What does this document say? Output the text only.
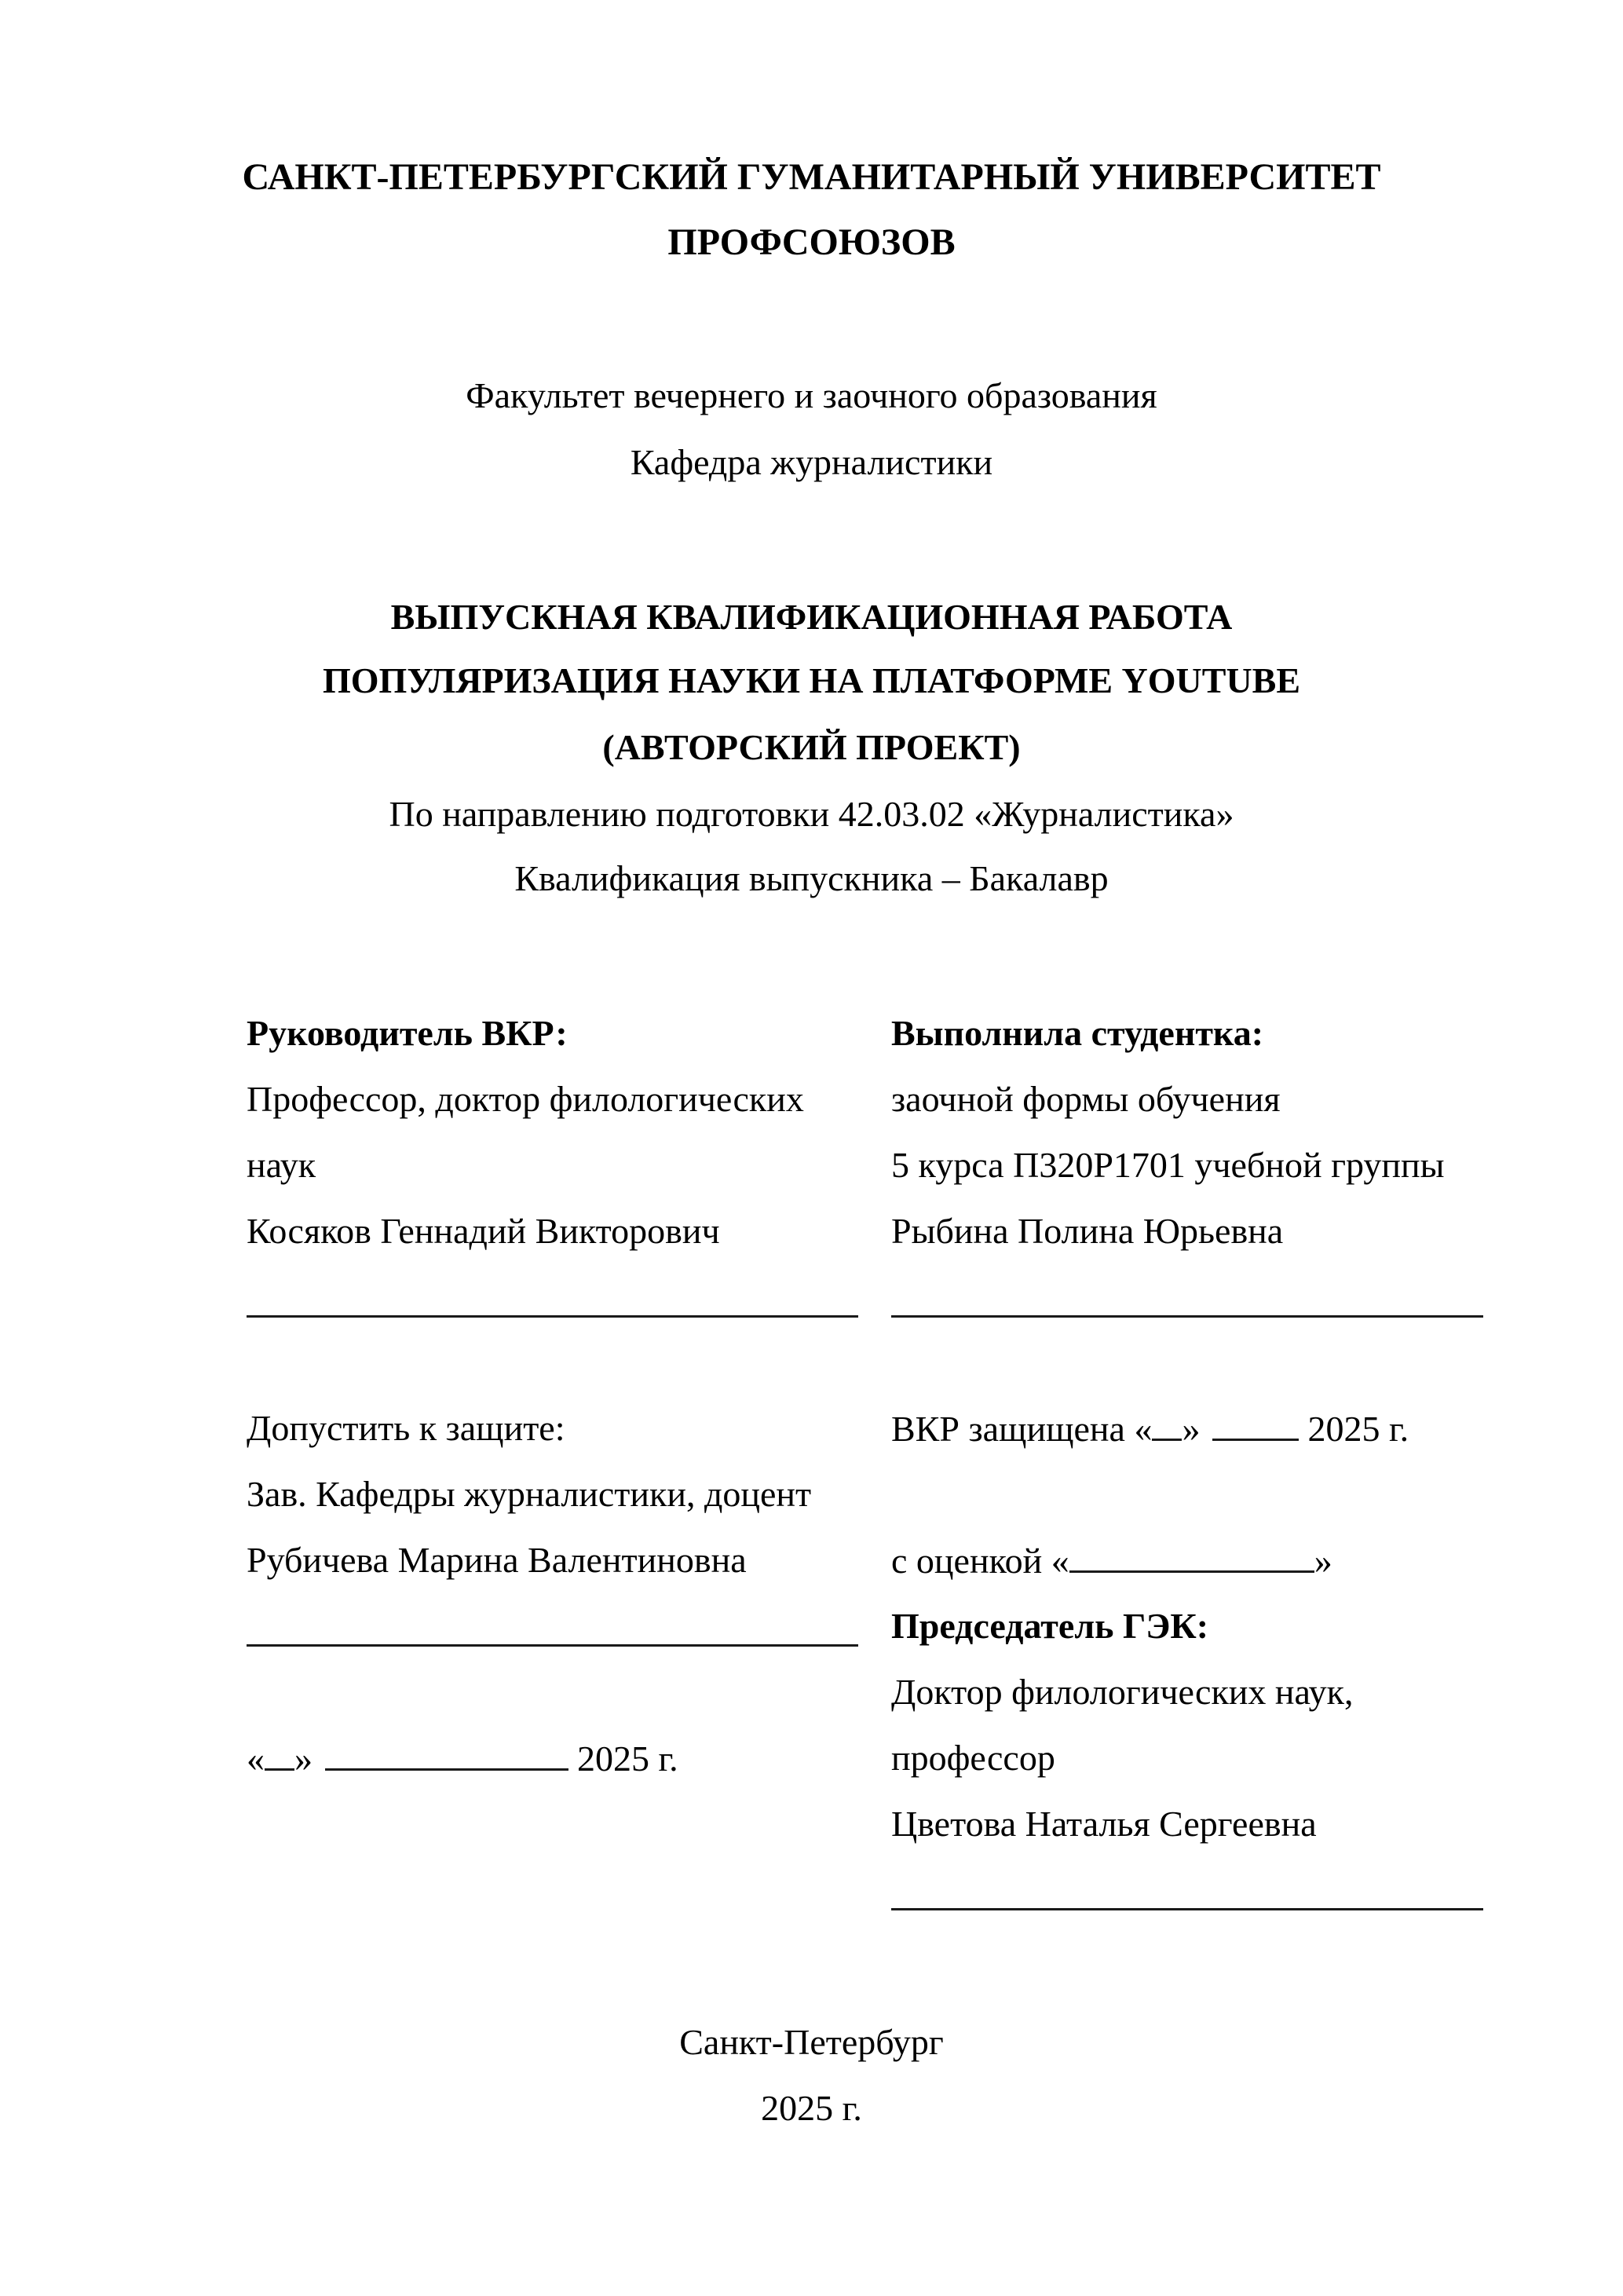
САНКТ-ПЕТЕРБУРГСКИЙ ГУМАНИТАРНЫЙ УНИВЕРСИТЕТ
ПРОФСОЮЗОВ
Факультет вечернего и заочного образования
Кафедра журналистики
ВЫПУСКНАЯ КВАЛИФИКАЦИОННАЯ РАБОТА
ПОПУЛЯРИЗАЦИЯ НАУКИ НА ПЛАТФОРМЕ YOUTUBE
(АВТОРСКИЙ ПРОЕКТ)
По направлению подготовки 42.03.02 «Журналистика»
Квалификация выпускника – Бакалавр
Руководитель ВКР:
Профессор, доктор филологических
наук
Косяков Геннадий Викторович
Выполнила студентка:
заочной формы обучения
5 курса П320Р1701 учебной группы
Рыбина Полина Юрьевна
Допустить к защите:
Зав. Кафедры журналистики, доцент
Рубичева Марина Валентиновна
« »	2025 г.
ВКР защищена « »	2025 г.
с оценкой «	»
Председатель ГЭК:
Доктор филологических наук,
профессор
Цветова Наталья Сергеевна
Санкт-Петербург
2025 г.
